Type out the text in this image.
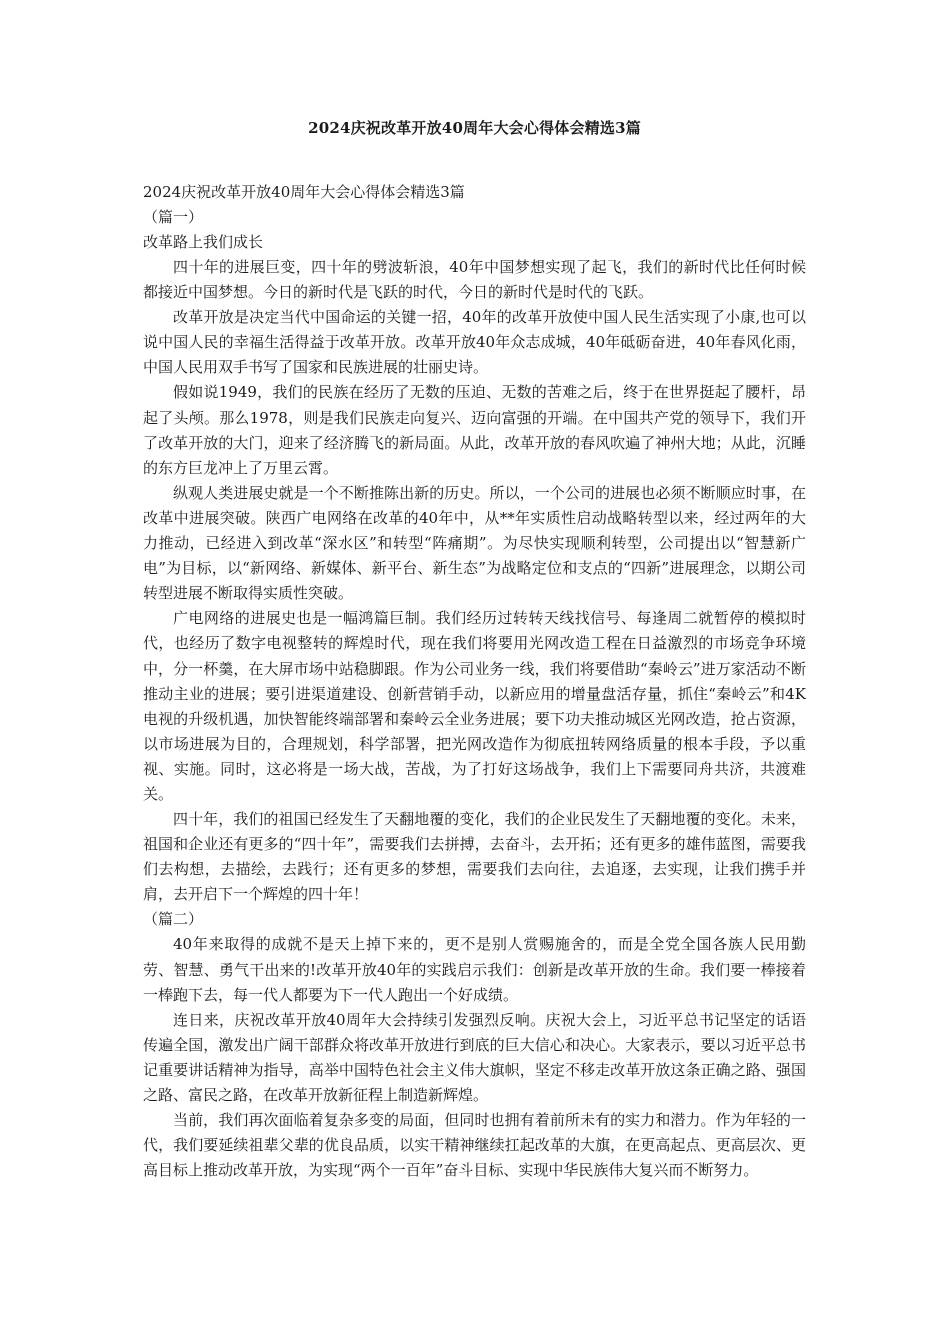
2024庆祝改革开放40周年大会心得体会精选3篇

2024庆祝改革开放40周年大会心得体会精选3篇

（篇一）

改革路上我们成长

四十年的进展巨变，四十年的劈波斩浪，40年中国梦想实现了起飞，我们的新时代比任何时候都接近中国梦想。今日的新时代是飞跃的时代，今日的新时代是时代的飞跃。

改革开放是决定当代中国命运的关键一招，40年的改革开放使中国人民生活实现了小康,也可以说中国人民的幸福生活得益于改革开放。改革开放40年众志成城，40年砥砺奋进，40年春风化雨，中国人民用双手书写了国家和民族进展的壮丽史诗。

假如说1949，我们的民族在经历了无数的压迫、无数的苦难之后，终于在世界挺起了腰杆，昂起了头颅。那么1978，则是我们民族走向复兴、迈向富强的开端。在中国共产党的领导下，我们开了改革开放的大门，迎来了经济腾飞的新局面。从此，改革开放的春风吹遍了神州大地；从此，沉睡的东方巨龙冲上了万里云霄。

纵观人类进展史就是一个不断推陈出新的历史。所以，一个公司的进展也必须不断顺应时事，在改革中进展突破。陕西广电网络在改革的40年中，从**年实质性启动战略转型以来，经过两年的大力推动，已经进入到改革“深水区”和转型“阵痛期”。为尽快实现顺利转型，公司提出以“智慧新广电”为目标，以“新网络、新媒体、新平台、新生态”为战略定位和支点的“四新”进展理念，以期公司转型进展不断取得实质性突破。

广电网络的进展史也是一幅鸿篇巨制。我们经历过转转天线找信号、每逢周二就暂停的模拟时代，也经历了数字电视整转的辉煌时代，现在我们将要用光网改造工程在日益激烈的市场竞争环境中，分一杯羹，在大屏市场中站稳脚跟。作为公司业务一线，我们将要借助“秦岭云”进万家活动不断推动主业的进展；要引进渠道建设、创新营销手动，以新应用的增量盘活存量，抓住“秦岭云”和4K电视的升级机遇，加快智能终端部署和秦岭云全业务进展；要下功夫推动城区光网改造，抢占资源，以市场进展为目的，合理规划，科学部署，把光网改造作为彻底扭转网络质量的根本手段，予以重视、实施。同时，这必将是一场大战，苦战，为了打好这场战争，我们上下需要同舟共济，共渡难关。

四十年，我们的祖国已经发生了天翻地覆的变化，我们的企业民发生了天翻地覆的变化。未来，祖国和企业还有更多的“四十年”，需要我们去拼搏，去奋斗，去开拓；还有更多的雄伟蓝图，需要我们去构想，去描绘，去践行；还有更多的梦想，需要我们去向往，去追逐，去实现，让我们携手并肩，去开启下一个辉煌的四十年！

（篇二）

40年来取得的成就不是天上掉下来的，更不是别人赏赐施舍的，而是全党全国各族人民用勤劳、智慧、勇气干出来的!改革开放40年的实践启示我们：创新是改革开放的生命。我们要一棒接着一棒跑下去，每一代人都要为下一代人跑出一个好成绩。

连日来，庆祝改革开放40周年大会持续引发强烈反响。庆祝大会上，习近平总书记坚定的话语传遍全国，激发出广阔干部群众将改革开放进行到底的巨大信心和决心。大家表示，要以习近平总书记重要讲话精神为指导，高举中国特色社会主义伟大旗帜，坚定不移走改革开放这条正确之路、强国之路、富民之路，在改革开放新征程上制造新辉煌。

当前，我们再次面临着复杂多变的局面，但同时也拥有着前所未有的实力和潜力。作为年轻的一代，我们要延续祖辈父辈的优良品质，以实干精神继续扛起改革的大旗，在更高起点、更高层次、更高目标上推动改革开放，为实现“两个一百年”奋斗目标、实现中华民族伟大复兴而不断努力。
